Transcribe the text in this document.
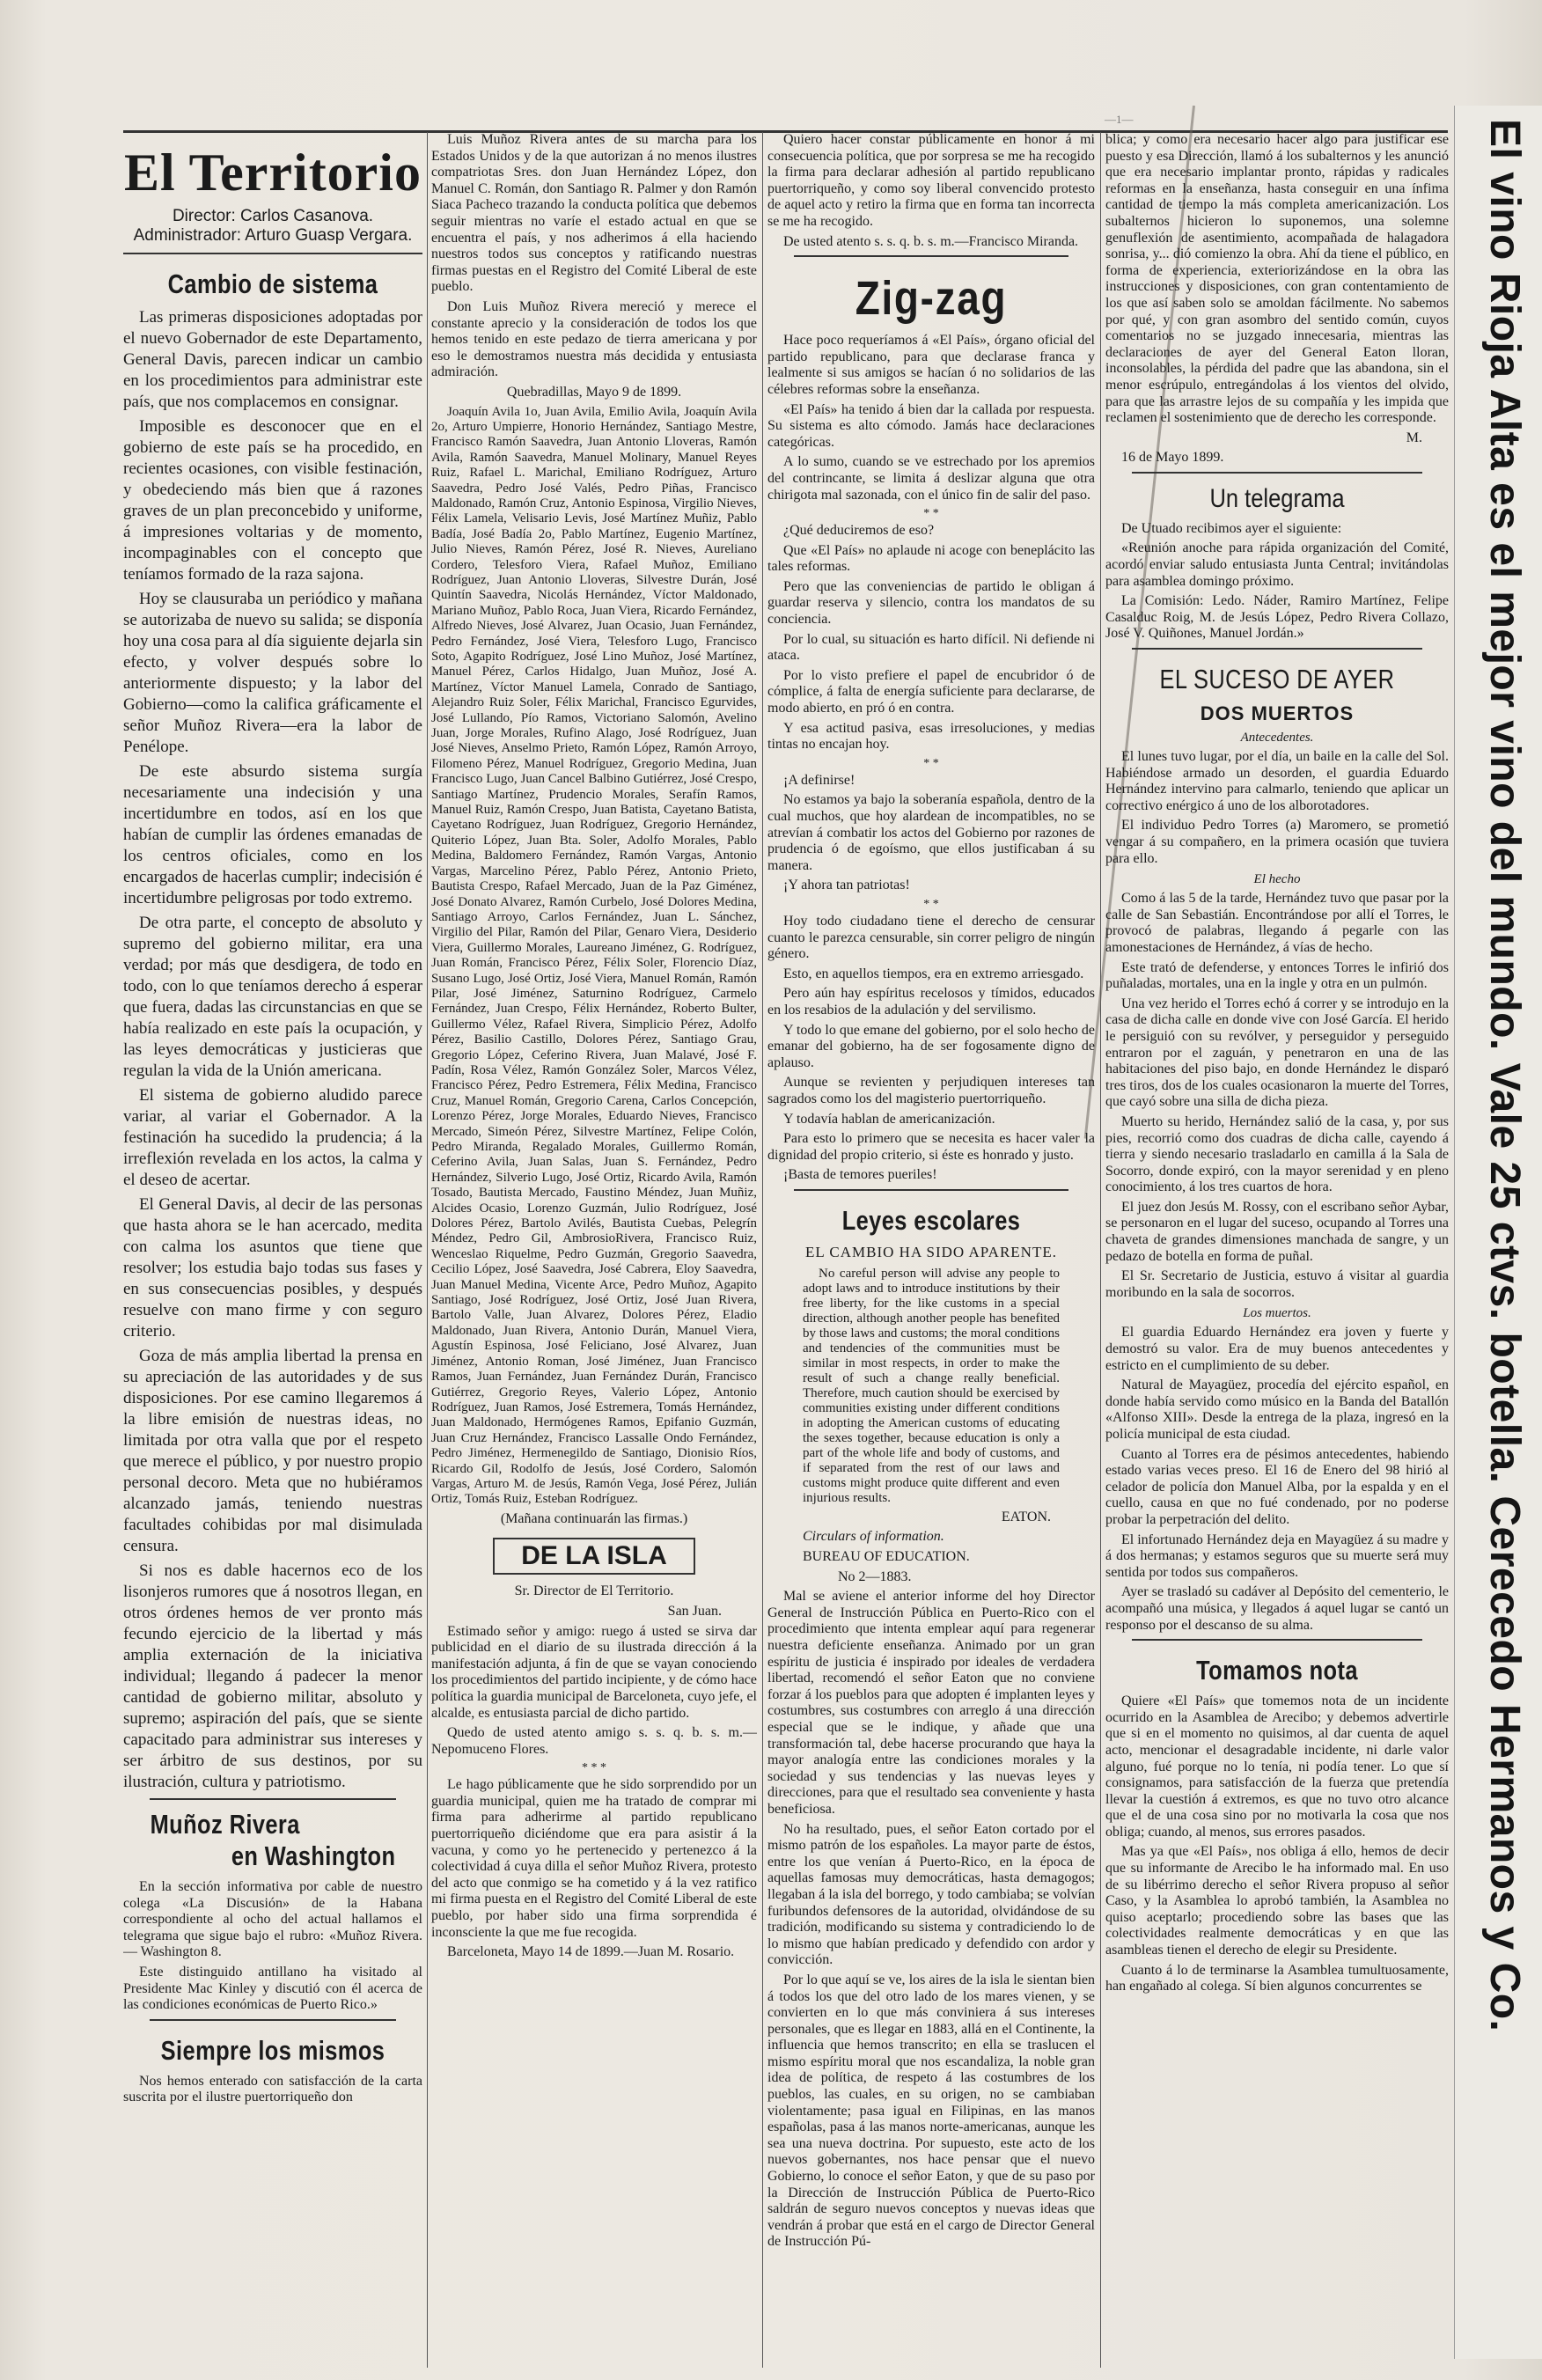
—1—
El Territorio
Director: Carlos Casanova.
Administrador: Arturo Guasp Vergara.
Cambio de sistema

Las primeras disposiciones adoptadas por el nuevo Gobernador de este Departamento, General Davis, parecen indicar un cambio en los procedimientos para administrar este país, que nos complacemos en consignar.

Imposible es desconocer que en el gobierno de este país se ha procedido, en recientes ocasiones, con visible festinación, y obedeciendo más bien que á razones graves de un plan preconcebido y uniforme, á impresiones voltarias y de momento, incompaginables con el concepto que teníamos formado de la raza sajona.

Hoy se clausuraba un periódico y mañana se autorizaba de nuevo su salida; se disponía hoy una cosa para al día siguiente dejarla sin efecto, y volver después sobre lo anteriormente dispuesto; y la labor del Gobierno—como la califica gráficamente el señor Muñoz Rivera—era la labor de Penélope.

De este absurdo sistema surgía necesariamente una indecisión y una incertidumbre en todos, así en los que habían de cumplir las órdenes emanadas de los centros oficiales, como en los encargados de hacerlas cumplir; indecisión é incertidumbre peligrosas por todo extremo.

De otra parte, el concepto de absoluto y supremo del gobierno militar, era una verdad; por más que desdigera, de todo en todo, con lo que teníamos derecho á esperar que fuera, dadas las circunstancias en que se había realizado en este país la ocupación, y las leyes democráticas y justicieras que regulan la vida de la Unión americana.

El sistema de gobierno aludido parece variar, al variar el Gobernador. A la festinación ha sucedido la prudencia; á la irreflexión revelada en los actos, la calma y el deseo de acertar.

El General Davis, al decir de las personas que hasta ahora se le han acercado, medita con calma los asuntos que tiene que resolver; los estudia bajo todas sus fases y en sus consecuencias posibles, y después resuelve con mano firme y con seguro criterio.

Goza de más amplia libertad la prensa en su apreciación de las autoridades y de sus disposiciones. Por ese camino llegaremos á la libre emisión de nuestras ideas, no limitada por otra valla que por el respeto que merece el público, y por nuestro propio personal decoro. Meta que no hubiéramos alcanzado jamás, teniendo nuestras facultades cohibidas por mal disimulada censura.

Si nos es dable hacernos eco de los lisonjeros rumores que á nosotros llegan, en otros órdenes hemos de ver pronto más fecundo ejercicio de la libertad y más amplia externación de la iniciativa individual; llegando á padecer la menor cantidad de gobierno militar, absoluto y supremo; aspiración del país, que se siente capacitado para administrar sus intereses y ser árbitro de sus destinos, por su ilustración, cultura y patriotismo.

Muñoz Rivera
en Washington

En la sección informativa por cable de nuestro colega «La Discusión» de la Habana correspondiente al ocho del actual hallamos el telegrama que sigue bajo el rubro: «Muñoz Rivera.— Washington 8.

Este distinguido antillano ha visitado al Presidente Mac Kinley y discutió con él acerca de las condiciones económicas de Puerto Rico.»

Siempre los mismos

Nos hemos enterado con satisfacción de la carta suscrita por el ilustre puertorriqueño don

Luis Muñoz Rivera antes de su marcha para los Estados Unidos y de la que autorizan á no menos ilustres compatriotas Sres. don Juan Hernández López, don Manuel C. Román, don Santiago R. Palmer y don Ramón Siaca Pacheco trazando la conducta política que debemos seguir mientras no varíe el estado actual en que se encuentra el país, y nos adherimos á ella haciendo nuestros todos sus conceptos y ratificando nuestras firmas puestas en el Registro del Comité Liberal de este pueblo.

Don Luis Muñoz Rivera mereció y merece el constante aprecio y la consideración de todos los que hemos tenido en este pedazo de tierra americana y por eso le demostramos nuestra más decidida y entusiasta admiración.

Quebradillas, Mayo 9 de 1899.

Joaquín Avila 1o, Juan Avila, Emilio Avila, Joaquín Avila 2o, Arturo Umpierre, Honorio Hernández, Santiago Mestre, Francisco Ramón Saavedra, Juan Antonio Lloveras, Ramón Avila, Ramón Saavedra, Manuel Molinary, Manuel Reyes Ruiz, Rafael L. Marichal, Emiliano Rodríguez, Arturo Saavedra, Pedro José Valés, Pedro Piñas, Francisco Maldonado, Ramón Cruz, Antonio Espinosa, Virgilio Nieves, Félix Lamela, Velisario Levis, José Martínez Muñiz, Pablo Badía, José Badía 2o, Pablo Martínez, Eugenio Martínez, Julio Nieves, Ramón Pérez, José R. Nieves, Aureliano Cordero, Telesforo Viera, Rafael Muñoz, Emiliano Rodríguez, Juan Antonio Lloveras, Silvestre Durán, José Quintín Saavedra, Nicolás Hernández, Víctor Maldonado, Mariano Muñoz, Pablo Roca, Juan Viera, Ricardo Fernández, Alfredo Nieves, José Alvarez, Juan Ocasio, Juan Fernández, Pedro Fernández, José Viera, Telesforo Lugo, Francisco Soto, Agapito Rodríguez, José Lino Muñoz, José Martínez, Manuel Pérez, Carlos Hidalgo, Juan Muñoz, José A. Martínez, Víctor Manuel Lamela, Conrado de Santiago, Alejandro Ruiz Soler, Félix Marichal, Francisco Egurvides, José Lullando, Pío Ramos, Victoriano Salomón, Avelino Juan, Jorge Morales, Rufino Alago, José Rodríguez, Juan José Nieves, Anselmo Prieto, Ramón López, Ramón Arroyo, Filomeno Pérez, Manuel Rodríguez, Gregorio Medina, Juan Francisco Lugo, Juan Cancel Balbino Gutiérrez, José Crespo, Santiago Martínez, Prudencio Morales, Serafín Ramos, Manuel Ruiz, Ramón Crespo, Juan Batista, Cayetano Batista, Cayetano Rodríguez, Juan Rodríguez, Gregorio Hernández, Quiterio López, Juan Bta. Soler, Adolfo Morales, Pablo Medina, Baldomero Fernández, Ramón Vargas, Antonio Vargas, Marcelino Pérez, Pablo Pérez, Antonio Prieto, Bautista Crespo, Rafael Mercado, Juan de la Paz Giménez, José Donato Alvarez, Ramón Curbelo, José Dolores Medina, Santiago Arroyo, Carlos Fernández, Juan L. Sánchez, Virgilio del Pilar, Ramón del Pilar, Genaro Viera, Desiderio Viera, Guillermo Morales, Laureano Jiménez, G. Rodríguez, Juan Román, Francisco Pérez, Félix Soler, Florencio Díaz, Susano Lugo, José Ortiz, José Viera, Manuel Román, Ramón Pilar, José Jiménez, Saturnino Rodríguez, Carmelo Fernández, Juan Crespo, Félix Hernández, Roberto Bulter, Guillermo Vélez, Rafael Rivera, Simplicio Pérez, Adolfo Pérez, Basilio Castillo, Dolores Pérez, Santiago Grau, Gregorio López, Ceferino Rivera, Juan Malavé, José F. Padín, Rosa Vélez, Ramón González Soler, Marcos Vélez, Francisco Pérez, Pedro Estremera, Félix Medina, Francisco Cruz, Manuel Román, Gregorio Carena, Carlos Concepción, Lorenzo Pérez, Jorge Morales, Eduardo Nieves, Francisco Mercado, Simeón Pérez, Silvestre Martínez, Felipe Colón, Pedro Miranda, Regalado Morales, Guillermo Román, Ceferino Avila, Juan Salas, Juan S. Fernández, Pedro Hernández, Silverio Lugo, José Ortiz, Ricardo Avila, Ramón Tosado, Bautista Mercado, Faustino Méndez, Juan Muñiz, Alcides Ocasio, Lorenzo Guzmán, Julio Rodríguez, José Dolores Pérez, Bartolo Avilés, Bautista Cuebas, Pelegrín Méndez, Pedro Gil, AmbrosioRivera, Francisco Ruiz, Wenceslao Riquelme, Pedro Guzmán, Gregorio Saavedra, Cecilio López, José Saavedra, José Cabrera, Eloy Saavedra, Juan Manuel Medina, Vicente Arce, Pedro Muñoz, Agapito Santiago, José Rodríguez, José Ortiz, José Juan Rivera, Bartolo Valle, Juan Alvarez, Dolores Pérez, Eladio Maldonado, Juan Rivera, Antonio Durán, Manuel Viera, Agustín Espinosa, José Feliciano, José Alvarez, Juan Jiménez, Antonio Roman, José Jiménez, Juan Francisco Ramos, Juan Fernández, Juan Fernández Durán, Francisco Gutiérrez, Gregorio Reyes, Valerio López, Antonio Rodríguez, Juan Ramos, José Estremera, Tomás Hernández, Juan Maldonado, Hermógenes Ramos, Epifanio Guzmán, Juan Cruz Hernández, Francisco Lassalle Ondo Fernández, Pedro Jiménez, Hermenegildo de Santiago, Dionisio Ríos, Ricardo Gil, Rodolfo de Jesús, José Cordero, Salomón Vargas, Arturo M. de Jesús, Ramón Vega, José Pérez, Julián Ortiz, Tomás Ruiz, Esteban Rodríguez.

(Mañana continuarán las firmas.)

DE LA ISLA

Sr. Director de El Territorio.

San Juan.

Estimado señor y amigo: ruego á usted se sirva dar publicidad en el diario de su ilustrada dirección á la manifestación adjunta, á fin de que se vayan conociendo los procedimientos del partido incipiente, y de cómo hace política la guardia municipal de Barceloneta, cuyo jefe, el alcalde, es entusiasta parcial de dicho partido.

Quedo de usted atento amigo s. s. q. b. s. m.—Nepomuceno Flores.

* * *

Le hago públicamente que he sido sorprendido por un guardia municipal, quien me ha tratado de comprar mi firma para adherirme al partido republicano puertorriqueño diciéndome que era para asistir á la vacuna, y como yo he pertenecido y pertenezco á la colectividad á cuya dilla el señor Muñoz Rivera, protesto del acto que conmigo se ha cometido y á la vez ratifico mi firma puesta en el Registro del Comité Liberal de este pueblo, por haber sido una firma sorprendida é inconsciente la que me fue recogida.

Barceloneta, Mayo 14 de 1899.—Juan M. Rosario.

Quiero hacer constar públicamente en honor á mi consecuencia política, que por sorpresa se me ha recogido la firma para declarar adhesión al partido republicano puertorriqueño, y como soy liberal convencido protesto de aquel acto y retiro la firma que en forma tan incorrecta se me ha recogido.

De usted atento s. s. q. b. s. m.—Francisco Miranda.

Zig-zag

Hace poco requeríamos á «El País», órgano oficial del partido republicano, para que declarase franca y lealmente si sus amigos se hacían ó no solidarios de las célebres reformas sobre la enseñanza.

«El País» ha tenido á bien dar la callada por respuesta. Su sistema es alto cómodo. Jamás hace declaraciones categóricas.

A lo sumo, cuando se ve estrechado por los apremios del contrincante, se limita á deslizar alguna que otra chirigota mal sazonada, con el único fin de salir del paso.

* *

¿Qué deduciremos de eso?

Que «El País» no aplaude ni acoge con beneplácito las tales reformas.

Pero que las conveniencias de partido le obligan á guardar reserva y silencio, contra los mandatos de su conciencia.

Por lo cual, su situación es harto difícil. Ni defiende ni ataca.

Por lo visto prefiere el papel de encubridor ó de cómplice, á falta de energía suficiente para declararse, de modo abierto, en pró ó en contra.

Y esa actitud pasiva, esas irresoluciones, y medias tintas no encajan hoy.

* *

¡A definirse!

No estamos ya bajo la soberanía española, dentro de la cual muchos, que hoy alardean de incompatibles, no se atrevían á combatir los actos del Gobierno por razones de prudencia ó de egoísmo, que ellos justificaban á su manera.

¡Y ahora tan patriotas!

* *

Hoy todo ciudadano tiene el derecho de censurar cuanto le parezca censurable, sin correr peligro de ningún género.

Esto, en aquellos tiempos, era en extremo arriesgado.

Pero aún hay espíritus recelosos y tímidos, educados en los resabios de la adulación y del servilismo.

Y todo lo que emane del gobierno, por el solo hecho de emanar del gobierno, ha de ser fogosamente digno de aplauso.

Aunque se revienten y perjudiquen intereses tan sagrados como los del magisterio puertorriqueño.

Y todavía hablan de americanización.

Para esto lo primero que se necesita es hacer valer la dignidad del propio criterio, si éste es honrado y justo.

¡Basta de temores pueriles!

Leyes escolares
EL CAMBIO HA SIDO APARENTE.

No careful person will advise any people to adopt laws and to introduce institutions by their free liberty, for the like customs in a special direction, although another people has benefited by those laws and customs; the moral conditions and tendencies of the communities must be similar in most respects, in order to make the result of such a change really beneficial. Therefore, much caution should be exercised by communities existing under different conditions in adopting the American customs of educating the sexes together, because education is only a part of the whole life and body of customs, and if separated from the rest of our laws and customs might produce quite different and even injurious results.

EATON.

Circulars of information.

BUREAU OF EDUCATION.

No 2—1883.

Mal se aviene el anterior informe del hoy Director General de Instrucción Pública en Puerto-Rico con el procedimiento que intenta emplear aquí para regenerar nuestra deficiente enseñanza. Animado por un gran espíritu de justicia é inspirado por ideales de verdadera libertad, recomendó el señor Eaton que no conviene forzar á los pueblos para que adopten é implanten leyes y costumbres, sus costumbres con arreglo á una dirección especial que se le indique, y añade que una transformación tal, debe hacerse procurando que haya la mayor analogía entre las condiciones morales y la sociedad y sus tendencias y las nuevas leyes y direcciones, para que el resultado sea conveniente y hasta beneficiosa.

No ha resultado, pues, el señor Eaton cortado por el mismo patrón de los españoles. La mayor parte de éstos, entre los que venían á Puerto-Rico, en la época de aquellas famosas muy democráticas, hasta demagogos; llegaban á la isla del borrego, y todo cambiaba; se volvían furibundos defensores de la autoridad, olvidándose de su tradición, modificando su sistema y contradiciendo lo de lo mismo que habían predicado y defendido con ardor y convicción.

Por lo que aquí se ve, los aires de la isla le sientan bien á todos los que del otro lado de los mares vienen, y se convierten en lo que más conviniera á sus intereses personales, que es llegar en 1883, allá en el Continente, la influencia que hemos transcrito; en ella se traslucen el mismo espíritu moral que nos escandaliza, la noble gran idea de política, de respeto á las costumbres de los pueblos, las cuales, en su origen, no se cambiaban violentamente; pasa igual en Filipinas, en las manos españolas, pasa á las manos norte-americanas, aunque les sea una nueva doctrina. Por supuesto, este acto de los nuevos gobernantes, nos hace pensar que el nuevo Gobierno, lo conoce el señor Eaton, y que de su paso por la Dirección de Instrucción Pública de Puerto-Rico saldrán de seguro nuevos conceptos y nuevas ideas que vendrán á probar que está en el cargo de Director General de Instrucción Pú-

blica; y como era necesario hacer algo para justificar ese puesto y esa Dirección, llamó á los subalternos y les anunció que era necesario implantar pronto, rápidas y radicales reformas en la enseñanza, hasta conseguir en una ínfima cantidad de tiempo la más completa americanización. Los subalternos hicieron lo suponemos, una solemne genuflexión de asentimiento, acompañada de halagadora sonrisa, y... dió comienzo la obra. Ahí da tiene el público, en forma de experiencia, exteriorizándose en la obra las instrucciones y disposiciones, con gran contentamiento de los que así saben solo se amoldan fácilmente. No sabemos por qué, y con gran asombro del sentido común, cuyos comentarios no se juzgado innecesaria, mientras las declaraciones de ayer del General Eaton lloran, inconsolables, la pérdida del padre que las abandona, sin el menor escrúpulo, entregándolas á los vientos del olvido, para que las arrastre lejos de su compañía y les impida que reclamen el sostenimiento que de derecho les corresponde.

M.

16 de Mayo 1899.

Un telegrama

De Utuado recibimos ayer el siguiente:

«Reunión anoche para rápida organización del Comité, acordó enviar saludo entusiasta Junta Central; invitándolas para asamblea domingo próximo.

La Comisión: Ledo. Náder, Ramiro Martínez, Felipe Casalduc Roig, M. de Jesús López, Pedro Rivera Collazo, José V. Quiñones, Manuel Jordán.»

EL SUCESO DE AYER
DOS MUERTOS
Antecedentes.

El lunes tuvo lugar, por el día, un baile en la calle del Sol. Habiéndose armado un desorden, el guardia Eduardo Hernández intervino para calmarlo, teniendo que aplicar un correctivo enérgico á uno de los alborotadores.

El individuo Pedro Torres (a) Maromero, se prometió vengar á su compañero, en la primera ocasión que tuviera para ello.

El hecho

Como á las 5 de la tarde, Hernández tuvo que pasar por la calle de San Sebastián. Encontrándose por allí el Torres, le provocó de palabras, llegando á pegarle con las amonestaciones de Hernández, á vías de hecho.

Este trató de defenderse, y entonces Torres le infirió dos puñaladas, mortales, una en la ingle y otra en un pulmón.

Una vez herido el Torres echó á correr y se introdujo en la casa de dicha calle en donde vive con José García. El herido le persiguió con su revólver, y perseguidor y perseguido entraron por el zaguán, y penetraron en una de las habitaciones del piso bajo, en donde Hernández le disparó tres tiros, dos de los cuales ocasionaron la muerte del Torres, que cayó sobre una silla de dicha pieza.

Muerto su herido, Hernández salió de la casa, y, por sus pies, recorrió como dos cuadras de dicha calle, cayendo á tierra y siendo necesario trasladarlo en camilla á la Sala de Socorro, donde expiró, con la mayor serenidad y en pleno conocimiento, á los tres cuartos de hora.

El juez don Jesús M. Rossy, con el escribano señor Aybar, se personaron en el lugar del suceso, ocupando al Torres una chaveta de grandes dimensiones manchada de sangre, y un pedazo de botella en forma de puñal.

El Sr. Secretario de Justicia, estuvo á visitar al guardia moribundo en la sala de socorros.

Los muertos.

El guardia Eduardo Hernández era joven y fuerte y demostró su valor. Era de muy buenos antecedentes y estricto en el cumplimiento de su deber.

Natural de Mayagüez, procedía del ejército español, en donde había servido como músico en la Banda del Batallón «Alfonso XIII». Desde la entrega de la plaza, ingresó en la policía municipal de esta ciudad.

Cuanto al Torres era de pésimos antecedentes, habiendo estado varias veces preso. El 16 de Enero del 98 hirió al celador de policía don Manuel Alba, por la espalda y en el cuello, causa en que no fué condenado, por no poderse probar la perpetración del delito.

El infortunado Hernández deja en Mayagüez á su madre y á dos hermanas; y estamos seguros que su muerte será muy sentida por todos sus compañeros.

Ayer se trasladó su cadáver al Depósito del cementerio, le acompañó una música, y llegados á aquel lugar se cantó un responso por el descanso de su alma.

Tomamos nota

Quiere «El País» que tomemos nota de un incidente ocurrido en la Asamblea de Arecibo; y debemos advertirle que si en el momento no quisimos, al dar cuenta de aquel acto, mencionar el desagradable incidente, ni darle valor alguno, fué porque no lo tenía, ni podía tener. Lo que sí consignamos, para satisfacción de la fuerza que pretendía llevar la cuestión á extremos, es que no tuvo otro alcance que el de una cosa sino por no motivarla la cosa que nos obliga; cuando, al menos, sus errores pasados.

Mas ya que «El País», nos obliga á ello, hemos de decir que su informante de Arecibo le ha informado mal. En uso de su libérrimo derecho el señor Rivera propuso al señor Caso, y la Asamblea lo aprobó también, la Asamblea no quiso aceptarlo; procediendo sobre las bases que las colectividades realmente democráticas y en que las asambleas tienen el derecho de elegir su Presidente.

Cuanto á lo de terminarse la Asamblea tumultuosamente, han engañado al colega. Sí bien algunos concurrentes se	El vino Rioja Alta es el mejor vino del mundo. Vale 25 ctvs. botella. Cerecedo Hermanos y Co.
